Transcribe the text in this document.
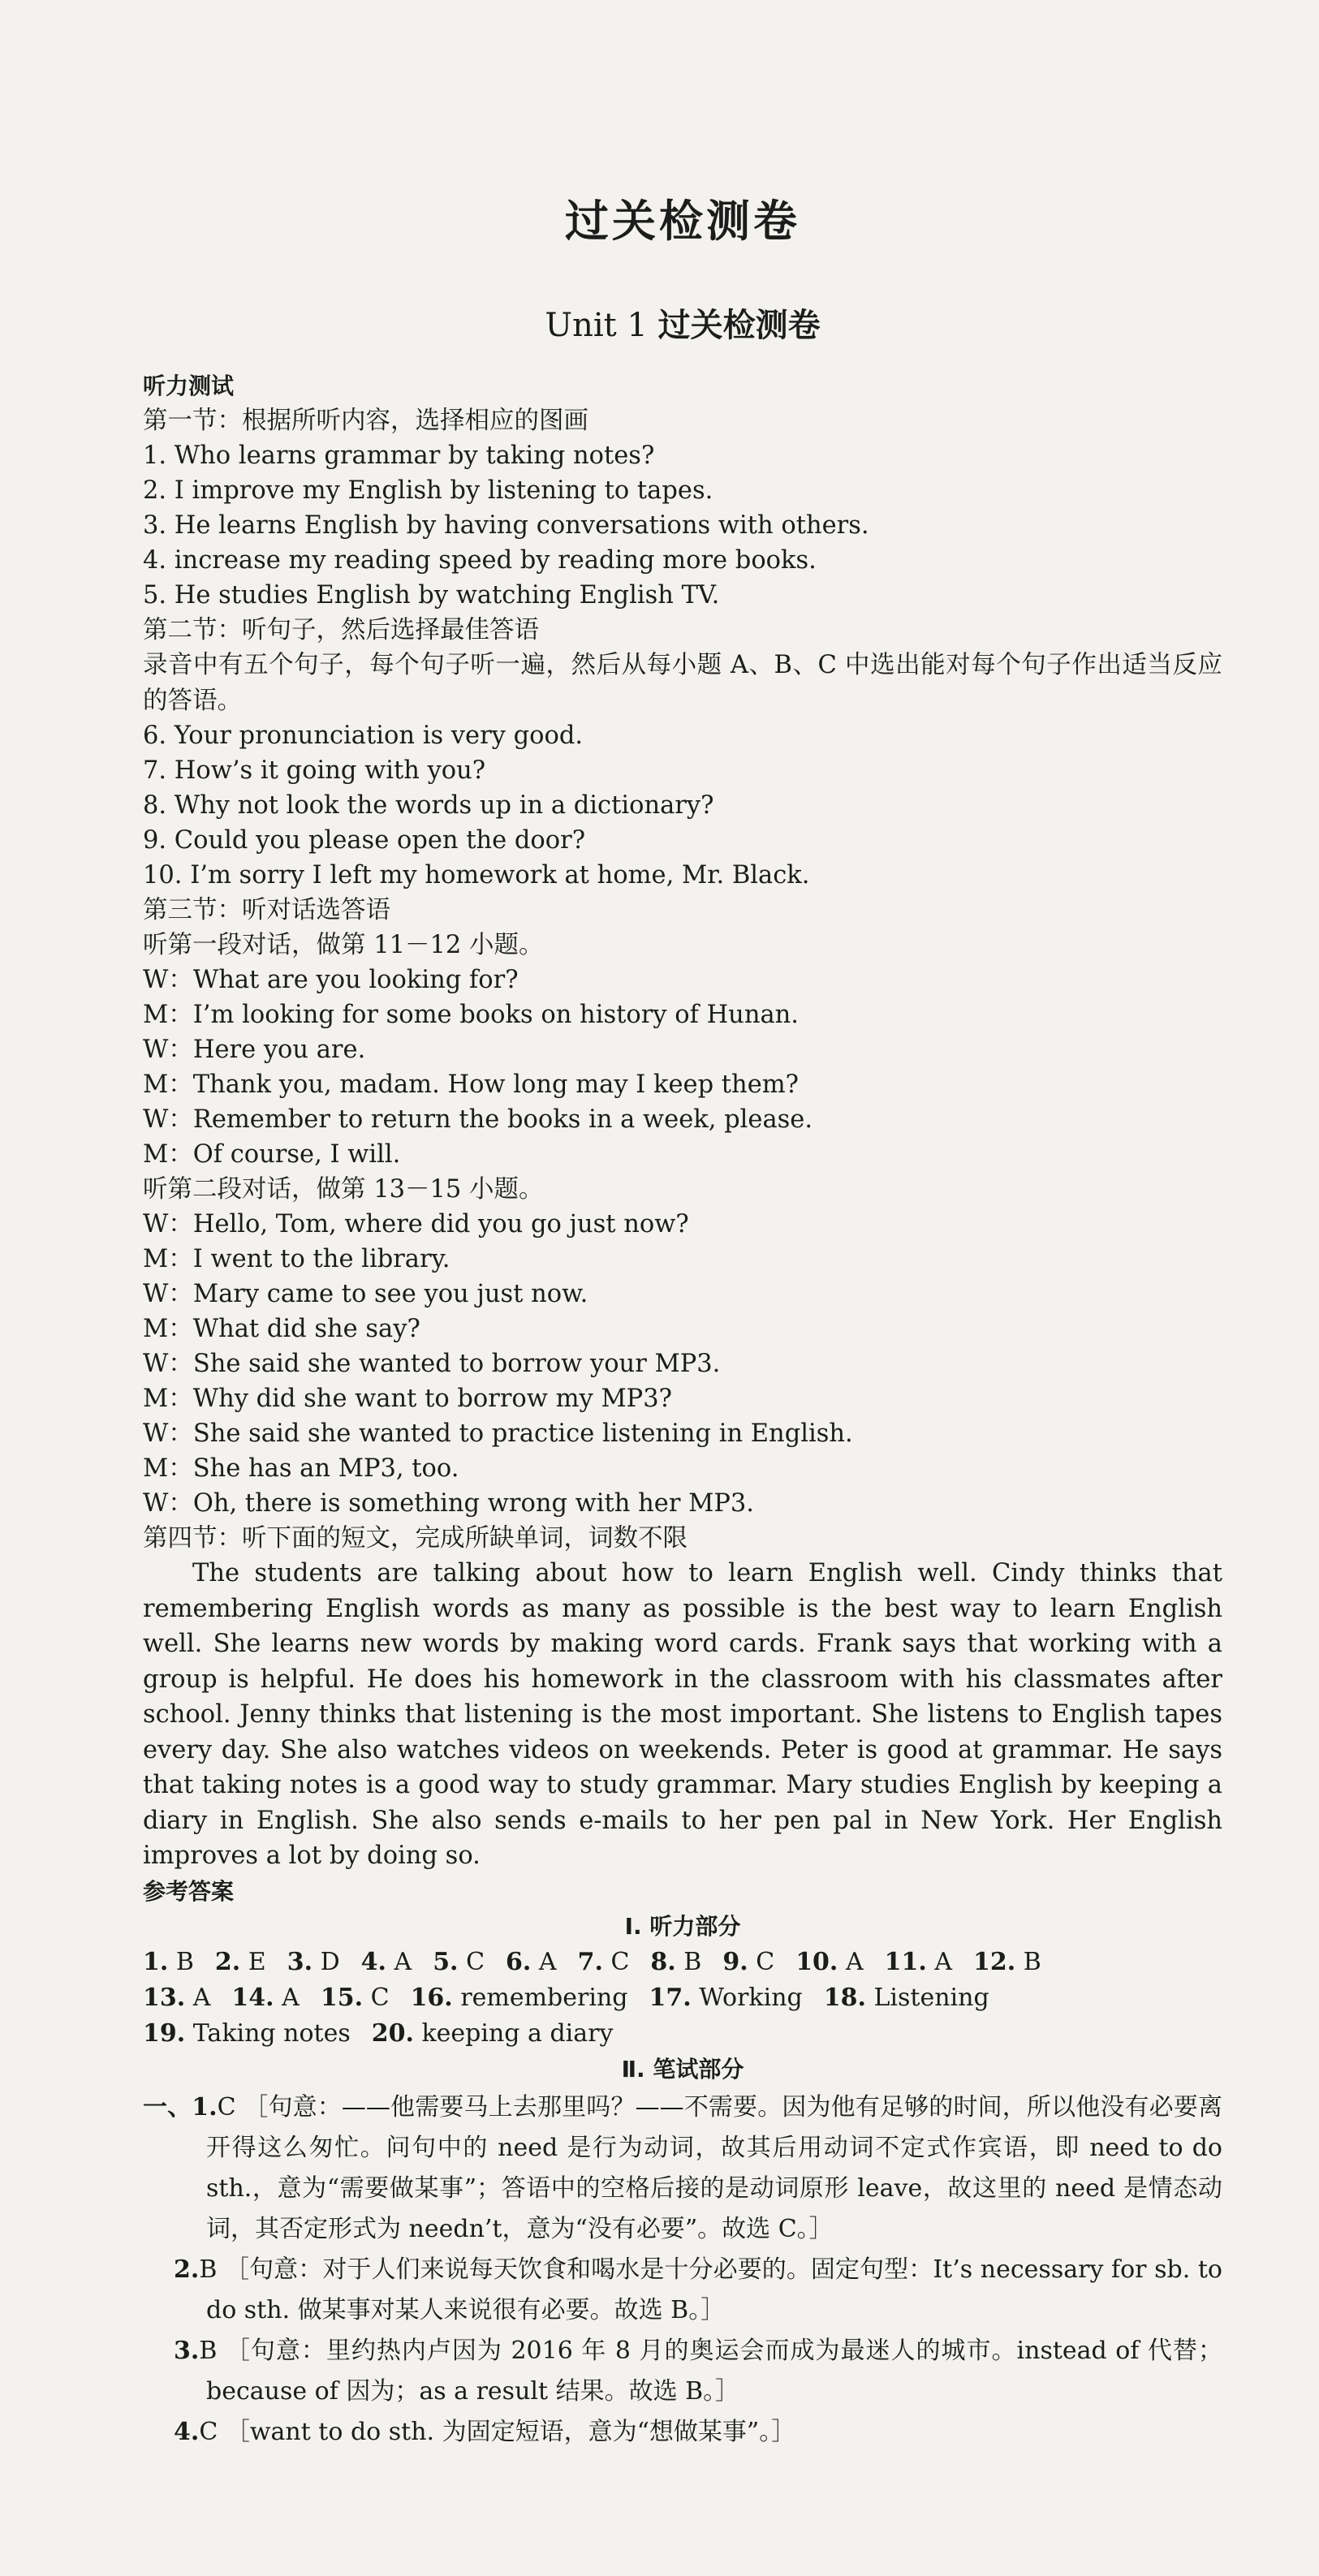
过关检测卷
Unit 1 过关检测卷
听力测试
第一节：根据所听内容，选择相应的图画
1. Who learns grammar by taking notes?
2. I improve my English by listening to tapes.
3. He learns English by having conversations with others.
4. increase my reading speed by reading more books.
5. He studies English by watching English TV.
第二节：听句子，然后选择最佳答语
录音中有五个句子，每个句子听一遍，然后从每小题 A、B、C 中选出能对每个句子作出适当反应的答语。
6. Your pronunciation is very good.
7. How’s it going with you?
8. Why not look the words up in a dictionary?
9. Could you please open the door?
10. I’m sorry I left my homework at home, Mr. Black.
第三节：听对话选答语
听第一段对话，做第 11－12 小题。
W：What are you looking for?
M：I’m looking for some books on history of Hunan.
W：Here you are.
M：Thank you, madam. How long may I keep them?
W：Remember to return the books in a week, please.
M：Of course, I will.
听第二段对话，做第 13－15 小题。
W：Hello, Tom, where did you go just now?
M：I went to the library.
W：Mary came to see you just now.
M：What did she say?
W：She said she wanted to borrow your MP3.
M：Why did she want to borrow my MP3?
W：She said she wanted to practice listening in English.
M：She has an MP3, too.
W：Oh, there is something wrong with her MP3.
第四节：听下面的短文，完成所缺单词，词数不限
The students are talking about how to learn English well. Cindy thinks that remembering English words as many as possible is the best way to learn English well. She learns new words by making word cards. Frank says that working with a group is helpful. He does his homework in the classroom with his classmates after school. Jenny thinks that listening is the most important. She listens to English tapes every day. She also watches videos on weekends. Peter is good at grammar. He says that taking notes is a good way to study grammar. Mary studies English by keeping a diary in English. She also sends e-mails to her pen pal in New York. Her English improves a lot by doing so.
参考答案
Ⅰ. 听力部分
1. B 2. E 3. D 4. A 5. C 6. A 7. C 8. B 9. C 10. A 11. A 12. B
13. A 14. A 15. C 16. remembering 17. Working 18. Listening
19. Taking notes 20. keeping a diary
Ⅱ. 笔试部分
一、1.C ［句意：——他需要马上去那里吗？——不需要。因为他有足够的时间，所以他没有必要离开得这么匆忙。问句中的 need 是行为动词，故其后用动词不定式作宾语，即 need to do sth.，意为“需要做某事”；答语中的空格后接的是动词原形 leave，故这里的 need 是情态动词，其否定形式为 needn’t，意为“没有必要”。故选 C。］
2.B ［句意：对于人们来说每天饮食和喝水是十分必要的。固定句型：It’s necessary for sb. to do sth. 做某事对某人来说很有必要。故选 B。］
3.B ［句意：里约热内卢因为 2016 年 8 月的奥运会而成为最迷人的城市。instead of 代替；because of 因为；as a result 结果。故选 B。］
4.C ［want to do sth. 为固定短语，意为“想做某事”。］
